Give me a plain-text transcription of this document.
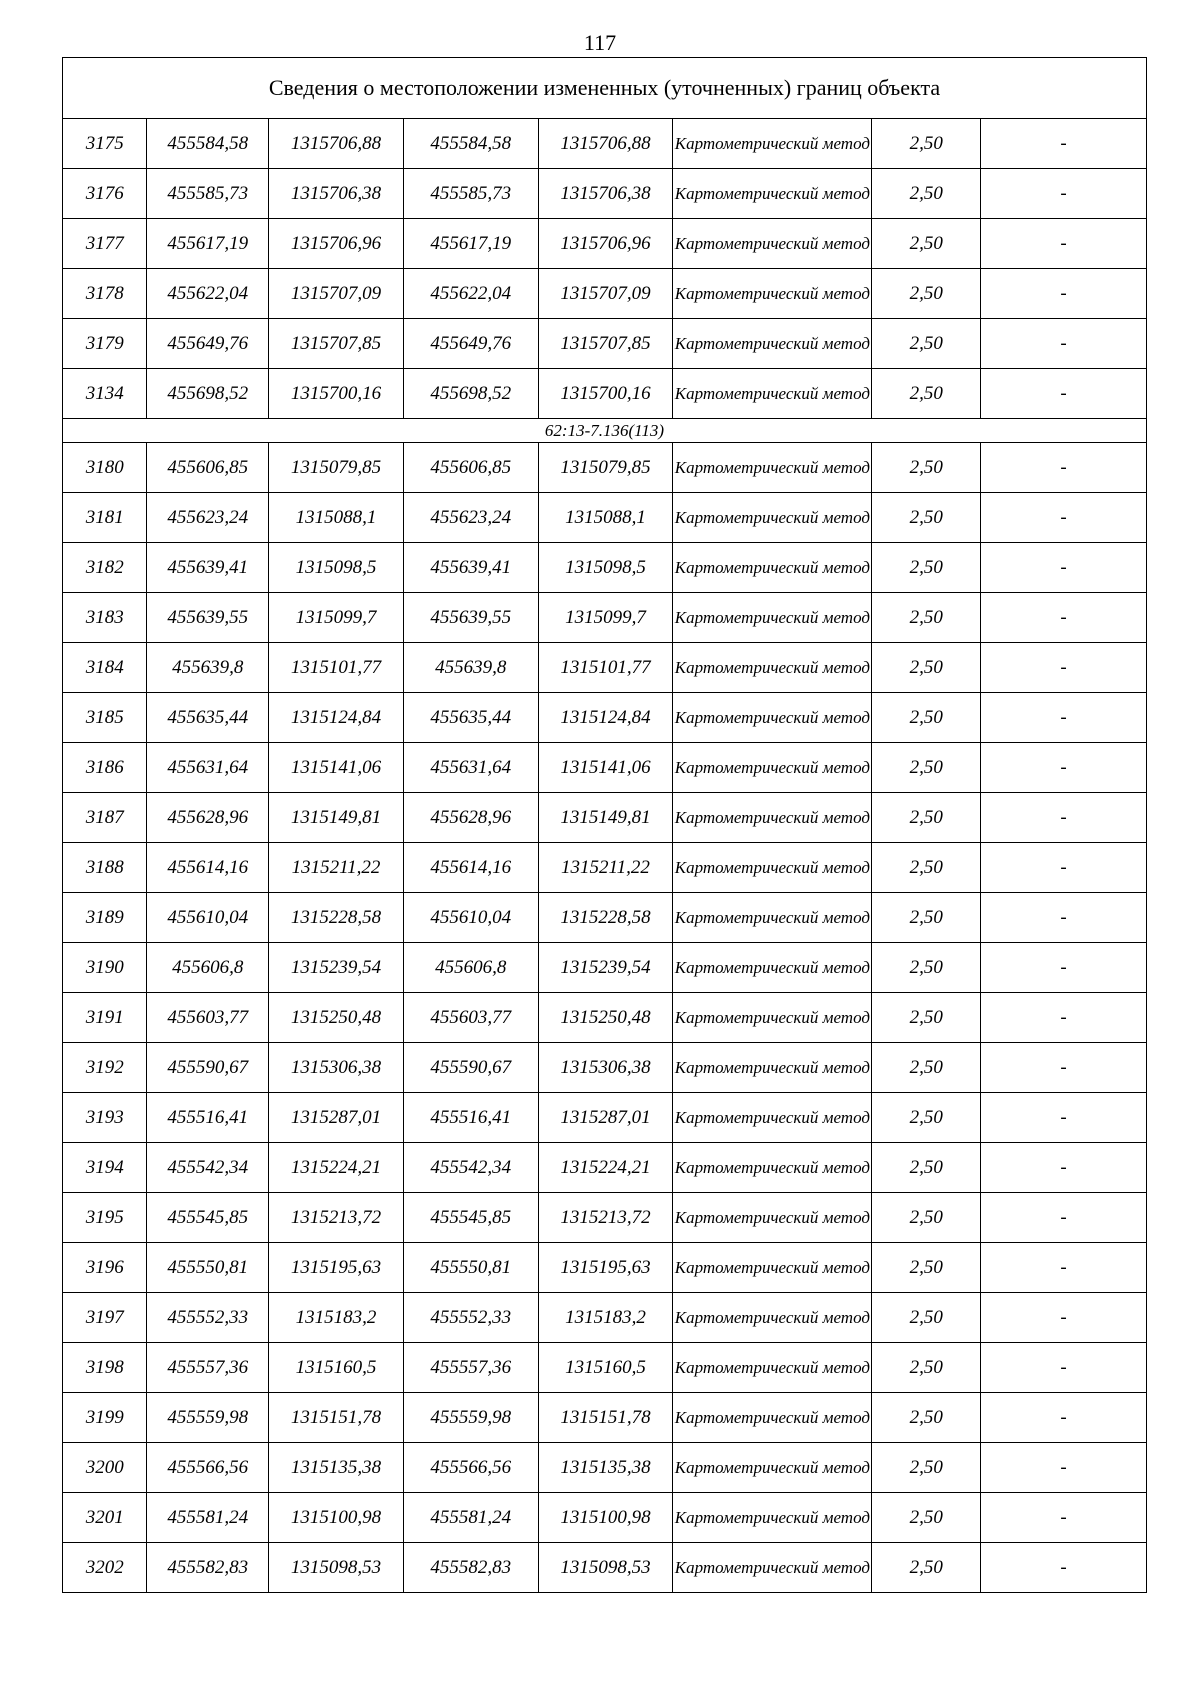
117
Сведения о местоположении измененных (уточненных) границ объекта							
3175	455584,58	1315706,88	455584,58	1315706,88	Картометрический метод	2,50	-
3176	455585,73	1315706,38	455585,73	1315706,38	Картометрический метод	2,50	-
3177	455617,19	1315706,96	455617,19	1315706,96	Картометрический метод	2,50	-
3178	455622,04	1315707,09	455622,04	1315707,09	Картометрический метод	2,50	-
3179	455649,76	1315707,85	455649,76	1315707,85	Картометрический метод	2,50	-
3134	455698,52	1315700,16	455698,52	1315700,16	Картометрический метод	2,50	-
62:13-7.136(113)							
3180	455606,85	1315079,85	455606,85	1315079,85	Картометрический метод	2,50	-
3181	455623,24	1315088,1	455623,24	1315088,1	Картометрический метод	2,50	-
3182	455639,41	1315098,5	455639,41	1315098,5	Картометрический метод	2,50	-
3183	455639,55	1315099,7	455639,55	1315099,7	Картометрический метод	2,50	-
3184	455639,8	1315101,77	455639,8	1315101,77	Картометрический метод	2,50	-
3185	455635,44	1315124,84	455635,44	1315124,84	Картометрический метод	2,50	-
3186	455631,64	1315141,06	455631,64	1315141,06	Картометрический метод	2,50	-
3187	455628,96	1315149,81	455628,96	1315149,81	Картометрический метод	2,50	-
3188	455614,16	1315211,22	455614,16	1315211,22	Картометрический метод	2,50	-
3189	455610,04	1315228,58	455610,04	1315228,58	Картометрический метод	2,50	-
3190	455606,8	1315239,54	455606,8	1315239,54	Картометрический метод	2,50	-
3191	455603,77	1315250,48	455603,77	1315250,48	Картометрический метод	2,50	-
3192	455590,67	1315306,38	455590,67	1315306,38	Картометрический метод	2,50	-
3193	455516,41	1315287,01	455516,41	1315287,01	Картометрический метод	2,50	-
3194	455542,34	1315224,21	455542,34	1315224,21	Картометрический метод	2,50	-
3195	455545,85	1315213,72	455545,85	1315213,72	Картометрический метод	2,50	-
3196	455550,81	1315195,63	455550,81	1315195,63	Картометрический метод	2,50	-
3197	455552,33	1315183,2	455552,33	1315183,2	Картометрический метод	2,50	-
3198	455557,36	1315160,5	455557,36	1315160,5	Картометрический метод	2,50	-
3199	455559,98	1315151,78	455559,98	1315151,78	Картометрический метод	2,50	-
3200	455566,56	1315135,38	455566,56	1315135,38	Картометрический метод	2,50	-
3201	455581,24	1315100,98	455581,24	1315100,98	Картометрический метод	2,50	-
3202	455582,83	1315098,53	455582,83	1315098,53	Картометрический метод	2,50	-
